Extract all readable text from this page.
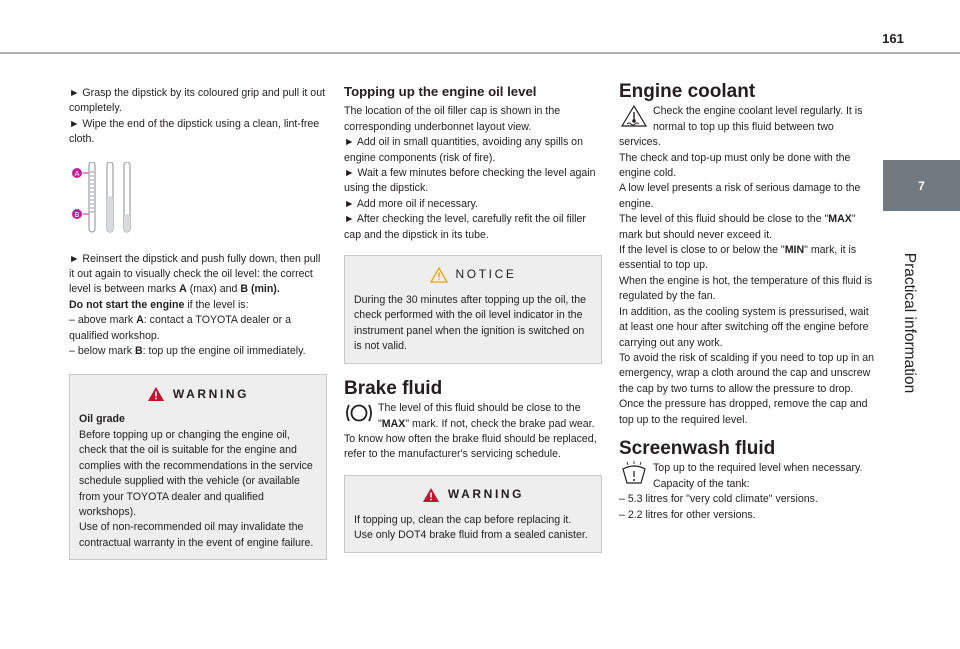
161
7
Practical information

► Grasp the dipstick by its coloured grip and pull it out completely.

► Wipe the end of the dipstick using a clean, lint-free cloth.

A
B

► Reinsert the dipstick and push fully down, then pull it out again to visually check the oil level: the correct level is between marks A (max) and B (min).

Do not start the engine if the level is:

– above mark A: contact a TOYOTA dealer or a qualified workshop.

– below mark B: top up the engine oil immediately.

WARNING

Oil grade

Before topping up or changing the engine oil, check that the oil is suitable for the engine and complies with the recommendations in the service schedule supplied with the vehicle (or available from your TOYOTA dealer and qualified workshops).

Use of non-recommended oil may invalidate the contractual warranty in the event of engine failure.

Topping up the engine oil level

The location of the oil filler cap is shown in the corresponding underbonnet layout view.

► Add oil in small quantities, avoiding any spills on engine components (risk of fire).

► Wait a few minutes before checking the level again using the dipstick.

► Add more oil if necessary.

► After checking the level, carefully refit the oil filler cap and the dipstick in its tube.

NOTICE

During the 30 minutes after topping up the oil, the check performed with the oil level indicator in the instrument panel when the ignition is switched on is not valid.

Brake fluid

The level of this fluid should be close to the "MAX" mark. If not, check the brake pad wear.

To know how often the brake fluid should be replaced, refer to the manufacturer's servicing schedule.

WARNING

If topping up, clean the cap before replacing it. Use only DOT4 brake fluid from a sealed canister.

Engine coolant

Check the engine coolant level regularly. It is normal to top up this fluid between two services.

The check and top-up must only be done with the engine cold.

A low level presents a risk of serious damage to the engine.

The level of this fluid should be close to the "MAX" mark but should never exceed it.

If the level is close to or below the "MIN" mark, it is essential to top up.

When the engine is hot, the temperature of this fluid is regulated by the fan.

In addition, as the cooling system is pressurised, wait at least one hour after switching off the engine before carrying out any work.

To avoid the risk of scalding if you need to top up in an emergency, wrap a cloth around the cap and unscrew the cap by two turns to allow the pressure to drop.

Once the pressure has dropped, remove the cap and top up to the required level.

Screenwash fluid

Top up to the required level when necessary.

Capacity of the tank:

– 5.3 litres for "very cold climate" versions.

– 2.2 litres for other versions.
